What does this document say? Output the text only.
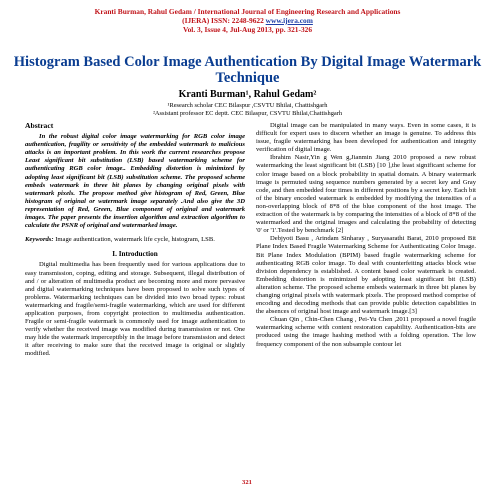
Kranti Burman, Rahul Gedam / International Journal of Engineering Research and Applications
(IJERA) ISSN: 2248-9622 www.ijera.com
Vol. 3, Issue 4, Jul-Aug 2013, pp. 321-326
Histogram Based Color Image Authentication By Digital Image Watermark Technique
Kranti Burman¹, Rahul Gedam²
¹Research scholar CEC Bilaspur ,CSVTU Bhilai, Chattishgarh
²Assistant professor EC deptt. CEC Bilaspur, CSVTU Bhilai,Chattishgarh
Abstract

In the robust digital color image watermarking for RGB color image authentication, fragility or sensitivity of the embedded watermark to malicious attacks is an important problem. In this work the current researches propose Least significant bit substitution (LSB) based watermarking scheme for authenticating RGB color image.. Embedding distortion is minimized by adopting least significant bit (LSB) substitution scheme. The proposed scheme embeds watermark in three bit planes by changing original pixels with watermark pixels. The propose method give histogram of Red, Green, Blue histogram of original or watermark image separately .And also give the 3D representation of Red, Green, Blue component of original and watermark images. The paper presents the insertion algorithm and extraction algorithm to calculate the PSNR of original and watermarked image.

Keywords: Image authentication, watermark life cycle, histogram, LSB.

I. Introduction

Digital multimedia has been frequently used for various applications due to easy transmission, coping, editing and storage. Subsequent, illegal distribution of and / or alteration of multimedia product are becoming more and more pervasive and digital watermarking techniques have been proposed to solve such types of problems. Watermarking techniques can be divided into two broad types: robust watermarking and fragile/semi-fragile watermarking, which are used for different application purposes, from copyright protection to multimedia authentication. Fragile or semi-fragile watermark is commonly used for image authentication to verify whether the received image was modified during transmission or not. One may hide the watermark imperceptibly in the image before transmission and detect it after receiving to make sure that the received image is original or slightly modified.

Digital image can be manipulated in many ways. Even in some cases, it is difficult for expert uses to discern whether an image is genuine. To address this issue, fragile watermarking has been developed for authentication and integrity verification of digital image.

Ibrahim Nasir,Yin g Wen g,Jianmin Jiang 2010 proposed a new robust watermarking the least significant bit (LSB) [10 ],the least significant scheme for color image based on a block probability in spatial domain. A binary watermark image is permuted using sequence numbers generated by a secret key and Gray code, and then embedded four times in different positions by a secret key. Each bit of the binary encoded watermark is embedded by modifying the intensities of a non-overlapping block of 8*8 of the blue component of the host image. The extraction of the watermark is by comparing the intensities of a block of 8*8 of the watermarked and the original images and calculating the probability of detecting '0' or '1'.Tested by benchmark [2]

Debjyoti Basu , Arindam Sinharay , Suryasarathi Barat, 2010 proposed Bit Plane Index Based Fragile Watermarking Scheme for Authenticating Color Image. Bit Plane Index Modulation (BPIM) based fragile watermarking scheme for authenticating RGB color image. To deal with counterfeiting attacks block wise division dependency is established. A content based color watermark is created. Embedding distortion is minimized by adopting least significant bit (LSB) alteration scheme. The proposed scheme embeds watermark in three bit planes by changing original pixels with watermark pixels. The proposed method comprise of encoding and decoding methods that can provide public detection capabilities in the absences of original host image and watermark image.[3]

Chuan Qin , Chin-Chen Chang , Pei-Yu Chen ,2011 proposed a novel fragile watermarking scheme with content restoration capability. Authentication-bits are produced using the image hashing method with a folding operation. The low frequency component of the non subsample contour let

321
